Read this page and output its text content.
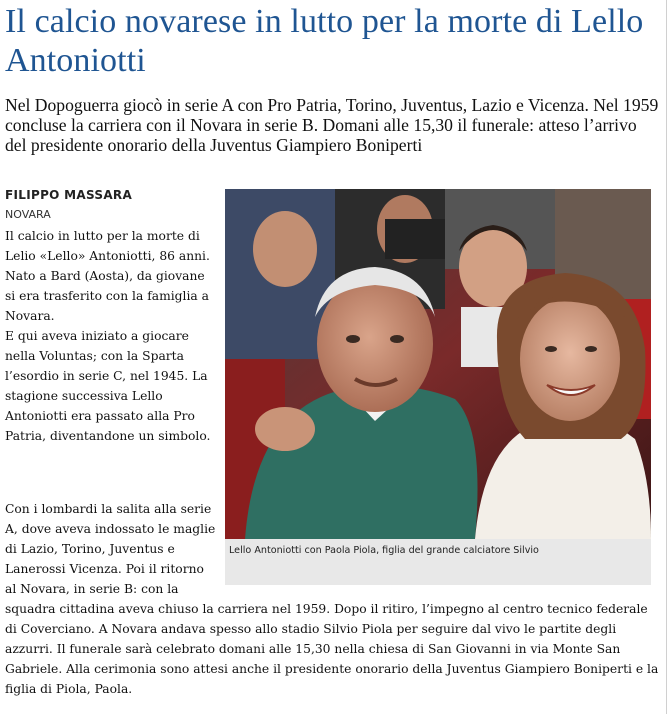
Il calcio novarese in lutto per la morte di Lello Antoniotti

Nel Dopoguerra giocò in serie A con Pro Patria, Torino, Juventus, Lazio e Vicenza. Nel 1959 concluse la carriera con il Novara in serie B. Domani alle 15,30 il funerale: atteso l’arrivo del presidente onorario della Juventus Giampiero Boniperti

FILIPPO MASSARA
NOVARA

Il calcio in lutto per la morte di Lelio «Lello» Antoniotti, 86 anni. Nato a Bard (Aosta), da giovane si era trasferito con la famiglia a Novara.

E qui aveva iniziato a giocare nella Voluntas; con la Sparta l’esordio in serie C, nel 1945. La stagione successiva Lello Antoniotti era passato alla Pro Patria, diventandone un simbolo.

Con i lombardi la salita alla serie A, dove aveva indossato le maglie di Lazio, Torino, Juventus e Lanerossi Vicenza. Poi il ritorno al Novara, in serie B: con la

squadra cittadina aveva chiuso la carriera nel 1959. Dopo il ritiro, l’impegno al centro tecnico federale di Coverciano. A Novara andava spesso allo stadio Silvio Piola per seguire dal vivo le partite degli azzurri. Il funerale sarà celebrato domani alle 15,30 nella chiesa di San Giovanni in via Monte San Gabriele. Alla cerimonia sono attesi anche il presidente onorario della Juventus Giampiero Boniperti e la figlia di Piola, Paola.
Lello Antoniotti con Paola Piola, figlia del grande calciatore Silvio
